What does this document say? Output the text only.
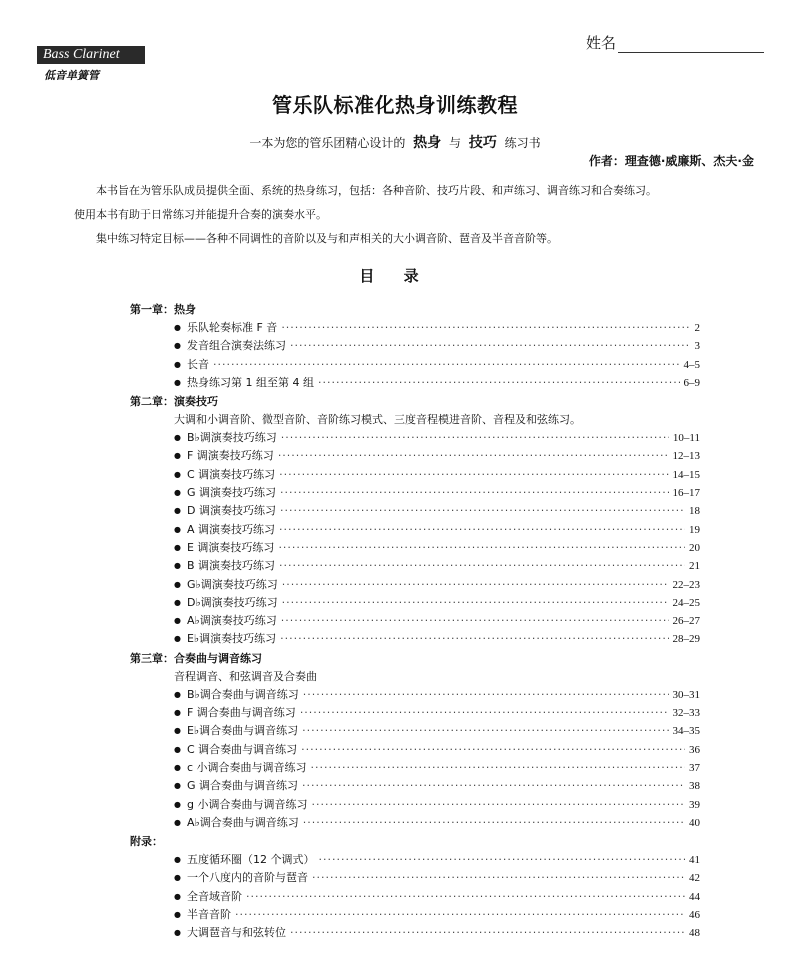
姓名
Bass Clarinet
低音单簧管
管乐队标准化热身训练教程
一本为您的管乐团精心设计的 热身 与 技巧 练习书
作者：理查德·威廉斯、杰夫·金
本书旨在为管乐队成员提供全面、系统的热身练习，包括：各种音阶、技巧片段、和声练习、调音练习和合奏练习。
使用本书有助于日常练习并能提升合奏的演奏水平。
集中练习特定目标——各种不同调性的音阶以及与和声相关的大小调音阶、琶音及半音音阶等。
目 录
第一章：热身
● 乐队轮奏标准 F 音 ·····	2
● 发音组合演奏法练习 ·····	3
● 长音 ·····	4–5
● 热身练习第 1 组至第 4 组 ·····	6–9
第二章：演奏技巧
大调和小调音阶、微型音阶、音阶练习模式、三度音程模进音阶、音程及和弦练习。
● B♭调演奏技巧练习 ·····	10–11
● F 调演奏技巧练习 ·····	12–13
● C 调演奏技巧练习 ·····	14–15
● G 调演奏技巧练习 ·····	16–17
● D 调演奏技巧练习 ·····	18
● A 调演奏技巧练习 ·····	19
● E 调演奏技巧练习 ·····	20
● B 调演奏技巧练习 ·····	21
● G♭调演奏技巧练习 ·····	22–23
● D♭调演奏技巧练习 ·····	24–25
● A♭调演奏技巧练习 ·····	26–27
● E♭调演奏技巧练习 ·····	28–29
第三章：合奏曲与调音练习
音程调音、和弦调音及合奏曲
● B♭调合奏曲与调音练习 ·····	30–31
● F 调合奏曲与调音练习 ·····	32–33
● E♭调合奏曲与调音练习 ·····	34–35
● C 调合奏曲与调音练习 ·····	36
● c 小调合奏曲与调音练习 ·····	37
● G 调合奏曲与调音练习 ·····	38
● g 小调合奏曲与调音练习 ·····	39
● A♭调合奏曲与调音练习 ·····	40
附录：
● 五度循环圈（12 个调式） ·····	41
● 一个八度内的音阶与琶音 ·····	42
● 全音域音阶 ·····	44
● 半音音阶 ·····	46
● 大调琶音与和弦转位 ·····	48
